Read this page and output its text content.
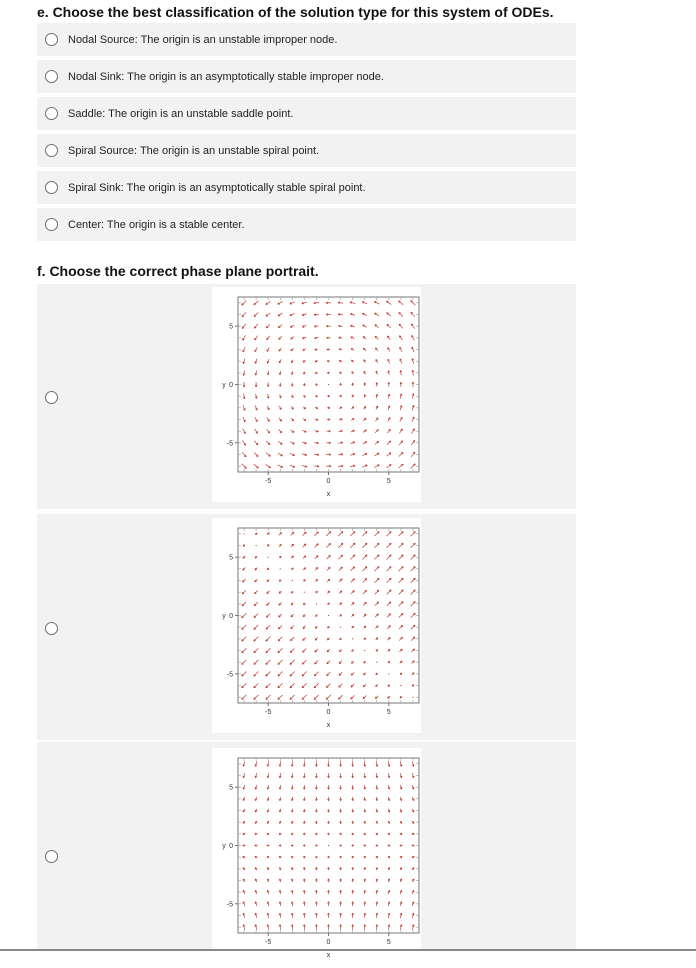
e. Choose the best classification of the solution type for this system of ODEs.
Nodal Source: The origin is an unstable improper node.
Nodal Sink: The origin is an asymptotically stable improper node.
Saddle: The origin is an unstable saddle point.
Spiral Source: The origin is an unstable spiral point.
Spiral Sink: The origin is an asymptotically stable spiral point.
Center: The origin is a stable center.
f. Choose the correct phase plane portrait.
-5	0	5
5
0
-5
x
y
-5	0	5
5
0
-5
x
y
-5	0	5
5
0
-5
x
y
